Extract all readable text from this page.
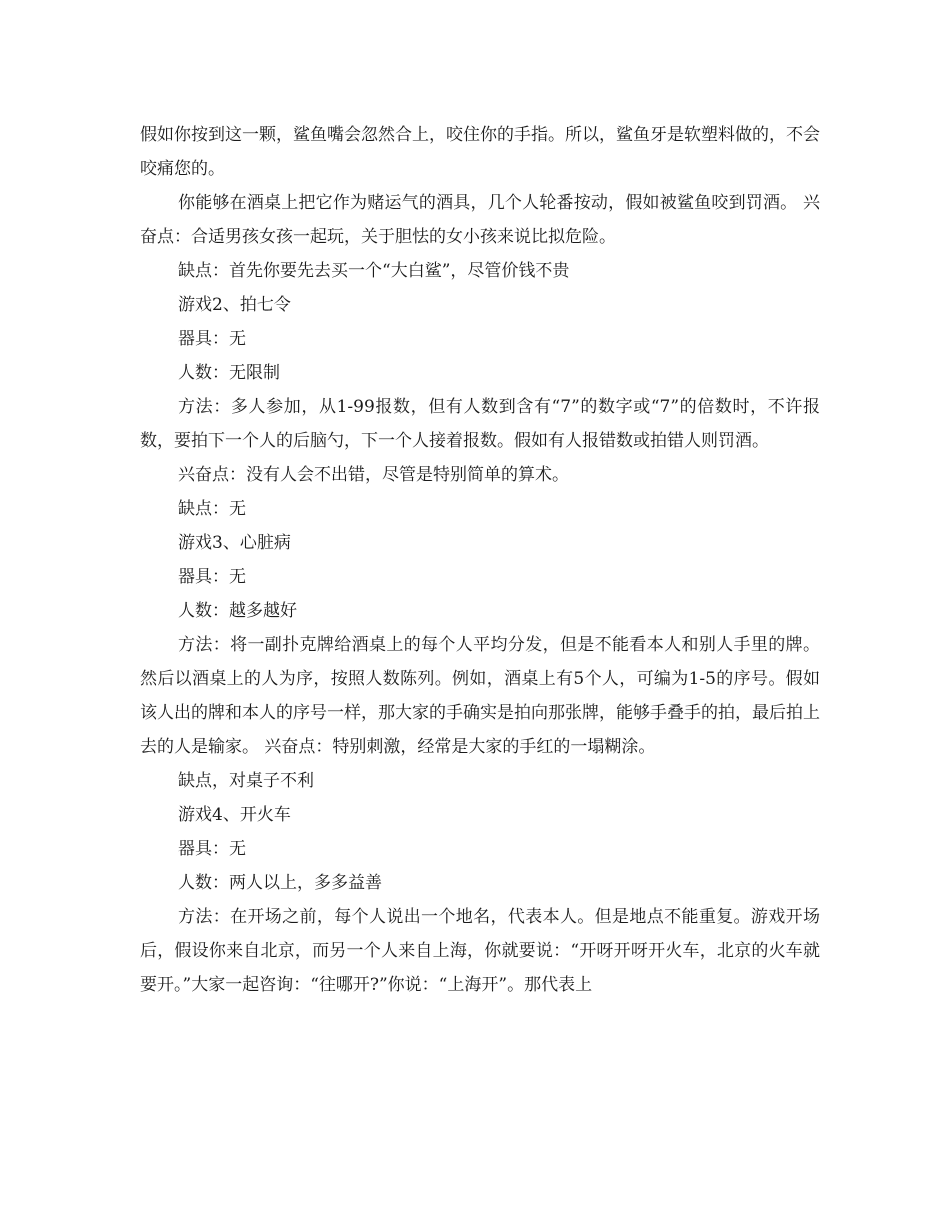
假如你按到这一颗，鲨鱼嘴会忽然合上，咬住你的手指。所以，鲨鱼牙是软塑料做的，不会咬痛您的。

你能够在酒桌上把它作为赌运气的酒具，几个人轮番按动，假如被鲨鱼咬到罚酒。 兴奋点：合适男孩女孩一起玩，关于胆怯的女小孩来说比拟危险。

缺点：首先你要先去买一个“大白鲨”，尽管价钱不贵

游戏2、拍七令

器具：无

人数：无限制

方法：多人参加，从1-99报数，但有人数到含有“7”的数字或“7”的倍数时，不许报数，要拍下一个人的后脑勺，下一个人接着报数。假如有人报错数或拍错人则罚酒。

兴奋点：没有人会不出错，尽管是特别简单的算术。

缺点：无

游戏3、心脏病

器具：无

人数：越多越好

方法：将一副扑克牌给酒桌上的每个人平均分发，但是不能看本人和别人手里的牌。然后以酒桌上的人为序，按照人数陈列。例如，酒桌上有5个人，可编为1-5的序号。假如该人出的牌和本人的序号一样，那大家的手确实是拍向那张牌，能够手叠手的拍，最后拍上去的人是输家。 兴奋点：特别刺激，经常是大家的手红的一塌糊涂。

缺点，对桌子不利

游戏4、开火车

器具：无

人数：两人以上，多多益善

方法：在开场之前，每个人说出一个地名，代表本人。但是地点不能重复。游戏开场后，假设你来自北京，而另一个人来自上海，你就要说：“开呀开呀开火车，北京的火车就要开。”大家一起咨询：“往哪开?”你说：“上海开”。那代表上
